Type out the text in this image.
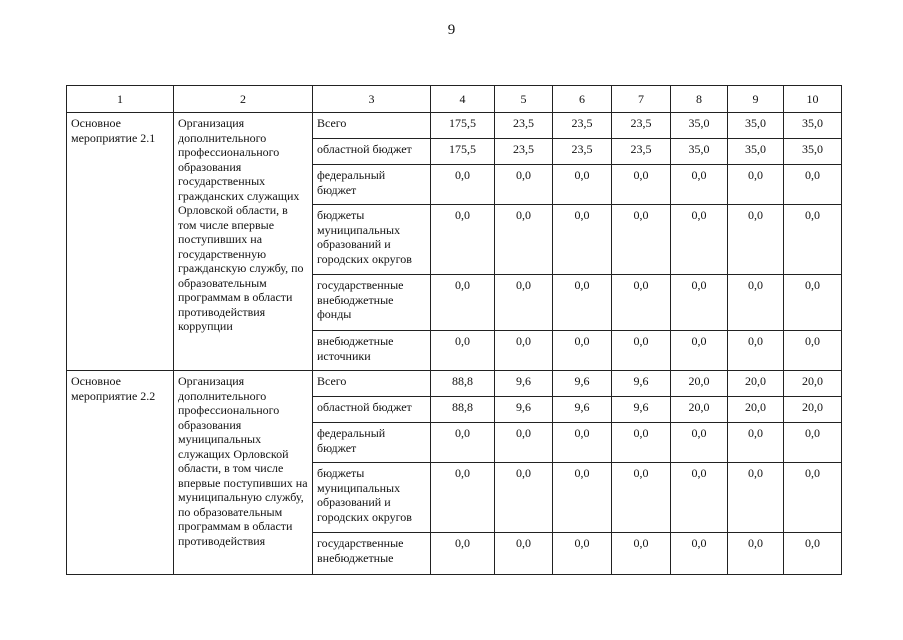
9
1	2	3	4	5	6	7	8	9	10
Основное мероприятие 2.1	Организация дополнительного профессионального образования государственных гражданских служащих Орловской области, в том числе впервые поступивших на государственную гражданскую службу, по образовательным программам в области противодействия коррупции	Всего	175,5	23,5	23,5	23,5	35,0	35,0	35,0
		областной бюджет	175,5	23,5	23,5	23,5	35,0	35,0	35,0
		федеральный бюджет	0,0	0,0	0,0	0,0	0,0	0,0	0,0
		бюджеты муниципальных образований и городских округов	0,0	0,0	0,0	0,0	0,0	0,0	0,0
		государственные внебюджетные фонды	0,0	0,0	0,0	0,0	0,0	0,0	0,0
		внебюджетные источники	0,0	0,0	0,0	0,0	0,0	0,0	0,0
Основное мероприятие 2.2	Организация дополнительного профессионального образования муниципальных служащих Орловской области, в том числе впервые поступивших на муниципальную службу, по образовательным программам в области противодействия	Всего	88,8	9,6	9,6	9,6	20,0	20,0	20,0
		областной бюджет	88,8	9,6	9,6	9,6	20,0	20,0	20,0
		федеральный бюджет	0,0	0,0	0,0	0,0	0,0	0,0	0,0
		бюджеты муниципальных образований и городских округов	0,0	0,0	0,0	0,0	0,0	0,0	0,0
		государственные внебюджетные	0,0	0,0	0,0	0,0	0,0	0,0	0,0
